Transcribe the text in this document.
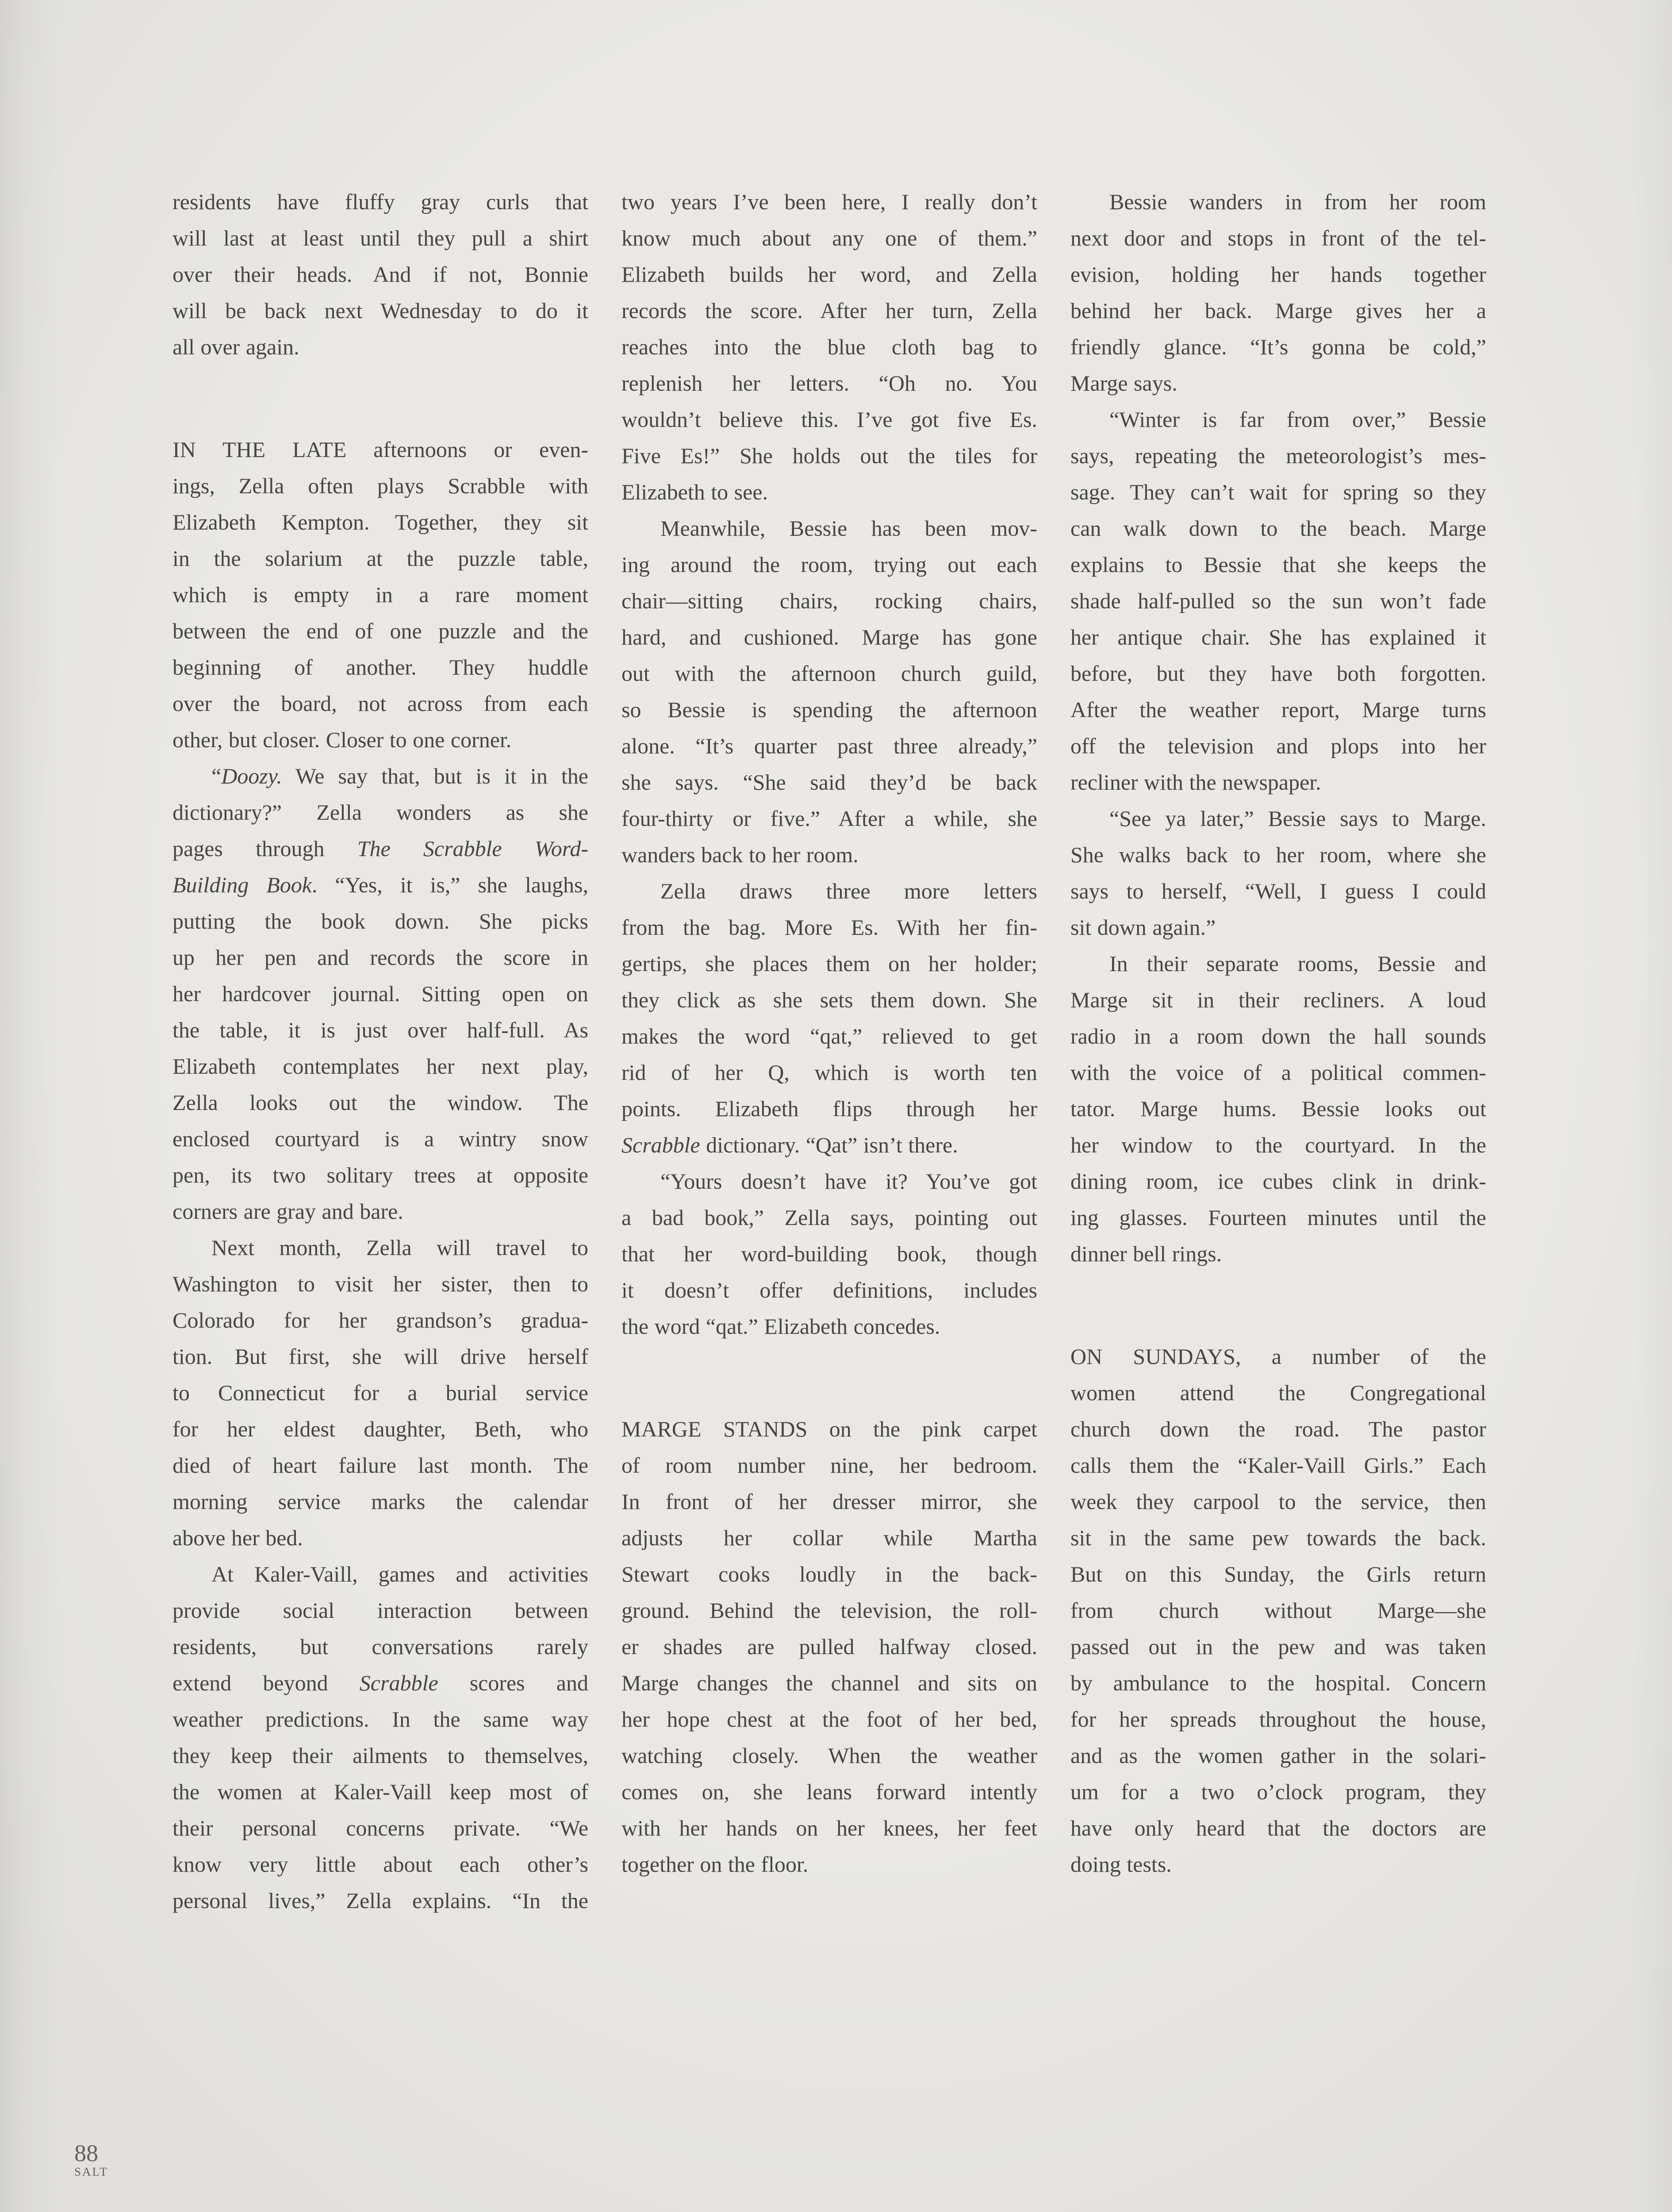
residents have fluffy gray curls that
will last at least until they pull a shirt
over their heads. And if not, Bonnie
will be back next Wednesday to do it
all over again.
IN THE LATE afternoons or even-
ings, Zella often plays Scrabble with
Elizabeth Kempton. Together, they sit
in the solarium at the puzzle table,
which is empty in a rare moment
between the end of one puzzle and the
beginning of another. They huddle
over the board, not across from each
other, but closer. Closer to one corner.
“Doozy. We say that, but is it in the
dictionary?” Zella wonders as she
pages through The Scrabble Word-
Building Book. “Yes, it is,” she laughs,
putting the book down. She picks
up her pen and records the score in
her hardcover journal. Sitting open on
the table, it is just over half-full. As
Elizabeth contemplates her next play,
Zella looks out the window. The
enclosed courtyard is a wintry snow
pen, its two solitary trees at opposite
corners are gray and bare.
Next month, Zella will travel to
Washington to visit her sister, then to
Colorado for her grandson’s gradua-
tion. But first, she will drive herself
to Connecticut for a burial service
for her eldest daughter, Beth, who
died of heart failure last month. The
morning service marks the calendar
above her bed.
At Kaler-Vaill, games and activities
provide social interaction between
residents, but conversations rarely
extend beyond Scrabble scores and
weather predictions. In the same way
they keep their ailments to themselves,
the women at Kaler-Vaill keep most of
their personal concerns private. “We
know very little about each other’s
personal lives,” Zella explains. “In the
two years I’ve been here, I really don’t
know much about any one of them.”
Elizabeth builds her word, and Zella
records the score. After her turn, Zella
reaches into the blue cloth bag to
replenish her letters. “Oh no. You
wouldn’t believe this. I’ve got five Es.
Five Es!” She holds out the tiles for
Elizabeth to see.
Meanwhile, Bessie has been mov-
ing around the room, trying out each
chair—sitting chairs, rocking chairs,
hard, and cushioned. Marge has gone
out with the afternoon church guild,
so Bessie is spending the afternoon
alone. “It’s quarter past three already,”
she says. “She said they’d be back
four-thirty or five.” After a while, she
wanders back to her room.
Zella draws three more letters
from the bag. More Es. With her fin-
gertips, she places them on her holder;
they click as she sets them down. She
makes the word “qat,” relieved to get
rid of her Q, which is worth ten
points. Elizabeth flips through her
Scrabble dictionary. “Qat” isn’t there.
“Yours doesn’t have it? You’ve got
a bad book,” Zella says, pointing out
that her word-building book, though
it doesn’t offer definitions, includes
the word “qat.” Elizabeth concedes.
MARGE STANDS on the pink carpet
of room number nine, her bedroom.
In front of her dresser mirror, she
adjusts her collar while Martha
Stewart cooks loudly in the back-
ground. Behind the television, the roll-
er shades are pulled halfway closed.
Marge changes the channel and sits on
her hope chest at the foot of her bed,
watching closely. When the weather
comes on, she leans forward intently
with her hands on her knees, her feet
together on the floor.
Bessie wanders in from her room
next door and stops in front of the tel-
evision, holding her hands together
behind her back. Marge gives her a
friendly glance. “It’s gonna be cold,”
Marge says.
“Winter is far from over,” Bessie
says, repeating the meteorologist’s mes-
sage. They can’t wait for spring so they
can walk down to the beach. Marge
explains to Bessie that she keeps the
shade half-pulled so the sun won’t fade
her antique chair. She has explained it
before, but they have both forgotten.
After the weather report, Marge turns
off the television and plops into her
recliner with the newspaper.
“See ya later,” Bessie says to Marge.
She walks back to her room, where she
says to herself, “Well, I guess I could
sit down again.”
In their separate rooms, Bessie and
Marge sit in their recliners. A loud
radio in a room down the hall sounds
with the voice of a political commen-
tator. Marge hums. Bessie looks out
her window to the courtyard. In the
dining room, ice cubes clink in drink-
ing glasses. Fourteen minutes until the
dinner bell rings.
ON SUNDAYS, a number of the
women attend the Congregational
church down the road. The pastor
calls them the “Kaler-Vaill Girls.” Each
week they carpool to the service, then
sit in the same pew towards the back.
But on this Sunday, the Girls return
from church without Marge—she
passed out in the pew and was taken
by ambulance to the hospital. Concern
for her spreads throughout the house,
and as the women gather in the solari-
um for a two o’clock program, they
have only heard that the doctors are
doing tests.
88
SALT
